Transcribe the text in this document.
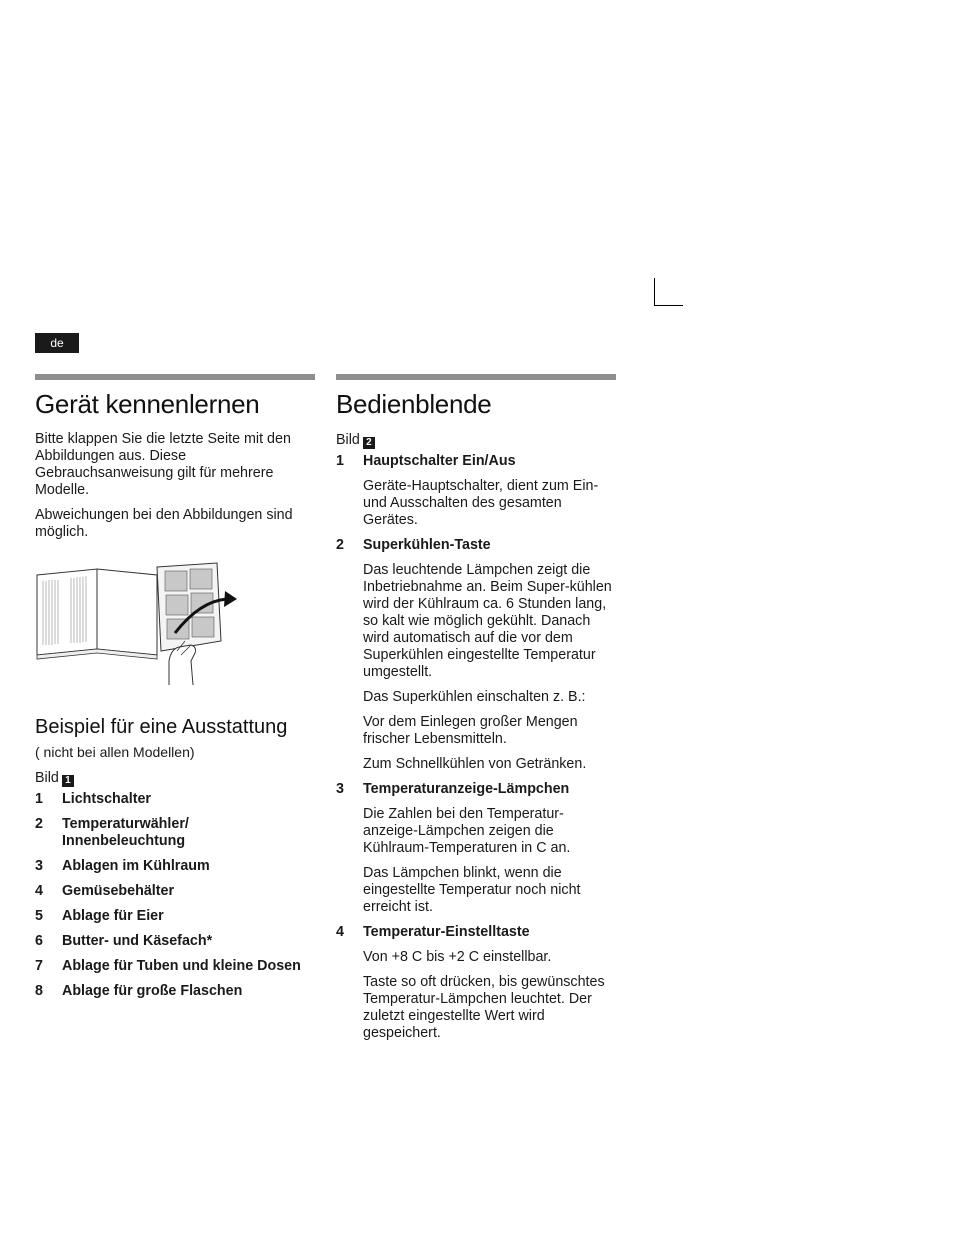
de
Gerät kennenlernen

Bitte klappen Sie die letzte Seite mit den Abbildungen aus. Diese Gebrauchsanweisung gilt für mehrere Modelle.

Abweichungen bei den Abbildungen sind möglich.

Beispiel für eine Ausstattung
( nicht bei allen Modellen)
Bild 1
1 Lichtschalter
2 Temperaturwähler/ Innenbeleuchtung
3 Ablagen im Kühlraum
4 Gemüsebehälter
5 Ablage für Eier
6 Butter- und Käsefach*
7 Ablage für Tuben und kleine Dosen
8 Ablage für große Flaschen
Bedienblende
Bild 2
1 Hauptschalter Ein/Aus
Geräte-Hauptschalter, dient zum Ein- und Ausschalten des gesamten Gerätes.
2 Superkühlen-Taste
Das leuchtende Lämpchen zeigt die Inbetriebnahme an. Beim Super-kühlen wird der Kühlraum ca. 6 Stunden lang, so kalt wie möglich gekühlt. Danach wird automatisch auf die vor dem Superkühlen eingestellte Temperatur umgestellt.
Das Superkühlen einschalten z. B.:
Vor dem Einlegen großer Mengen frischer Lebensmitteln.
Zum Schnellkühlen von Getränken.
3 Temperaturanzeige-Lämpchen
Die Zahlen bei den Temperatur-anzeige-Lämpchen zeigen die Kühlraum-Temperaturen in C an.
Das Lämpchen blinkt, wenn die eingestellte Temperatur noch nicht erreicht ist.
4 Temperatur-Einstelltaste
Von +8 C bis +2 C einstellbar.
Taste so oft drücken, bis gewünschtes Temperatur-Lämpchen leuchtet. Der zuletzt eingestellte Wert wird gespeichert.
